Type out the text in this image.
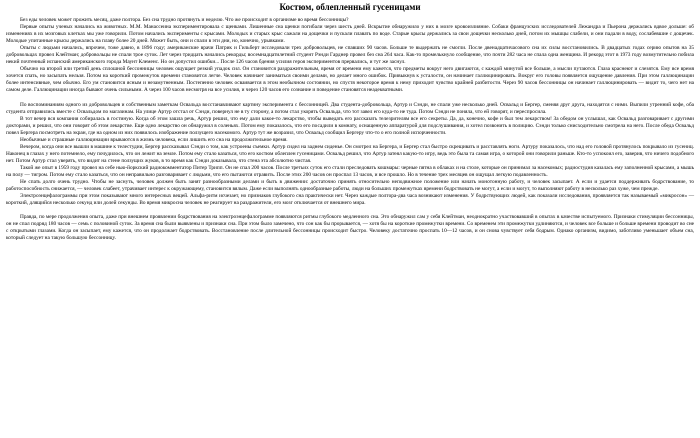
Костюм, облепленный гусеницами

Без еды человек может прожить месяц, даже полтора. Без сна трудно протянуть и неделю. Что же происходит в организме во время бессонницы?

Первые опыты ученых начались на животных. М.М. Манассеина экспериментировала с щенками. Лишенные сна щенки погибали через шесть дней. Вскрытие обнаружило у них в мозге кровоизлияние. Собаки французских исследователей Лежандра и Пьерона держались вдвое дольше: об изменениях в их мозговых клетках мы уже говорили. Потом начались эксперименты с крысами. Молодых и старых крыс сажали на дощечки и пускали плавать по воде. Старые крысы держались за свои дощечки несколько дней, потом их мышцы слабели, и они падали в воду, сослабевшие с дощечек. Молодые упитанные крысы держались на плаву более 20 дней. Может быть, они и спали в эти дни, но, конечно, урывками.

Опыты с людьми начались, впрочем, тоже давно, в 1896 году; американские врачи Патрик и Гильберт исследовали трех добровольцев, не спавших 90 часов. Больше те выдержать не смогли. После двенадцатичасового сна их силы восстановились. В двадцатых годах серию опытов на 35 добровольцах провел Клейтман; добровольцы не спали трое суток. Лет через тридцать начались рекорды; восемнадцатилетний студент Рэнди Гарднер провел без сна 264 часа. Как-то промелькнуло сообщение, что почти 282 часа не спала одна женщина. И рекорд этот в 1973 году возмутительно побила некий почтенный испанский американского города Маунт Клеменс. Но он допустил ошибки... После 126 часов бдения усилия героя экспериментов прервались, и тут же заснул.

Обычно на второй или третий день сплошной бессонницы человек ощущает резкий упадок сил. Он становится раздражительным, время от времени ему кажется, что предметы вокруг него двигаются, с каждой минутой все больше, а мысли путаются. Глаза краснеют и слезятся. Ему все время хочется спать, но засыпать нельзя. Потом на короткий промежуток времени становится легче. Человек начинает заниматься своими делами, но делает много ошибок. Привыкнув к усталости, он начинает галлюцинировать. Вокруг его головы появляется ощущение давления. При этом галлюцинации более интенсивные, чем обычно. Его ум становится ясным и незамутненным. Постепенно человек осваивается в этом необычном состоянии, но спустя некоторое время к нему приходит чувство крайней разбитости. Через 90 часов бессонницы он начинает галлюцинировать — видит то, чего нет на самом деле. Галлюцинации иногда бывают очень сильными. А через 100 часов несмотря на все усилия, и через 120 часов его сознание и поведение становятся неадекватными.

По воспоминаниям одного из добровольцев и собственным заметкам Освальда восстанавливают картину эксперимента с бессонницей. Два студента-добровольца, Артур и Сэнди, не спали уже несколько дней. Освальд и Бергер, сменяя друг друга, находятся с ними. Выпили утренний кофе, оба студента отправились вместе с Освальдом по магазинам. На улице Артур отстал от Сэнди, повернул не в ту сторону, а потом стал укорять Освальда, что тот завел его куда-то не туда. Потом Сэнди не поняла, что ей говорят, и переспросила.

В тот вечер вся компания собиралась в гостиную. Когда об этом зашла речь, Артур решил, что ему дали какое-то лекарство, чтобы выведать его рассказать телезрителям все его секреты. Да, да, конечно, кофе и был тем лекарством! За обедом он услышал, как Освальд разговаривает с другими докторами, и решил, что они говорят об этом лекарстве. Еще одно лекарство он обнаружил в соленьях. Потом ему показалось, что его посадили в комнату, оснащенную аппаратурой для подслушивания, и хотел позвонить в полицию. Сэнди только снисходительно смотрела на него. После обеда Освальд повел Бергера посмотреть на экран, где на одном из них появилось изображение ползущего насекомого. Артур тут же возразил, что Освальд сообщил Бергеру что-то о его полной испорченности.

Необычные и страшные галлюцинации врываются в жизнь человека, если лишить его сна на продолжительное время.

Вечером, когда они все вышли в машине к телестудии, Бергер рассказывал Сэнди о том, как устроены съемки. Артур сидел на заднем сиденье. Он смотрел на Бергера, и Бергер стал быстро скрещивать и расставлять ноги. Артуру показалось, что над его головой протянулось покрывало из гусениц. Наконец в глазах у него потемнело, ему почудилось, что он лежит на земле. Потом ему стало казаться, что его костюм облеплен гусеницами. Освальд решил, что Артур затеял какую-то игру, ведь это была та самая игра, о которой они говорили раньше. Кто-то успокоил его, заверив, что ничего подобного нет. Потом Артур стал уверять, что видит на стене ползущих жуков, в то время как Сэнди доказывала, что стена эта абсолютно чистая.

Такой же опыт в 1959 году провел на себе нью-йоркский радиокомментатор Питер Трипп. Он не спал 200 часов. После третьих суток его стали преследовать кошмары: черные пятна в облаках и на столе, которые он принимал за насекомых; радиостудия казалась ему заполненной крысами, а мышь на полу — тигром. Потом ему стало казаться, что он неправильно разговаривает с людьми, что его пытаются отравить. После этих 200 часов он проспал 13 часов, и все прошло. Но в течение трех месяцев он ощущал легкую подавленность.

Не спать долго очень трудно. Чтобы не заснуть, человек должен быть занят разнообразными делами и быть в движении: достаточно принять относительно неподвижное положение или начать монотонную работу, и человек засыпает. А если и удается поддерживать бодрствование, то работоспособность снижается, — человек слабеет, утрачивает интерес к окружающему, становится вялым. Даже если выполнять однообразные работы, люди на больших промежутках времени бодрствовать не могут, а если и могут, то выполняют работу в несколько раз хуже, чем прежде.

Электроэнцефалограммы при этом показывают много интересных вещей. Альфа-ритм исчезает, но признаков глубокого сна практически нет. Через каждые полтора-два часа возникают изменения. У бодрствующих людей, как показали исследования, проявляется так называемый «микросон» — короткий, длящийся несколько секунд или долей секунды. Во время микросна человек не реагирует на раздражители, его мозг отключается от внешнего мира.

Правда, по мере продолжения опыта, даже при внешнем проявлении бодрствования на электроэнцефалограмме появляются ритмы глубокого медленного сна. Это обнаружил сам у себя Клейтман, неоднократно участвовавший в опытах в качестве испытуемого. Признаки стимуляции бессонницы, он не спал подряд 180 часов — семь с половиной суток. За время сна были выявлены и признаки сна. При этом было замечено, что сон как бы прорывается, — хотя бы на короткие промежутки времени. Со временем эти промежутки удлиняются, и человек все больше и больше времени проводит во сне с открытыми глазами. Когда он засыпает, ему кажется, что он продолжает бодрствовать. Восстановление после длительной бессонницы происходит быстро. Человеку достаточно проспать 10—12 часов, и он снова чувствует себя бодрым. Однако организм, видимо, заботливо уменьшает объем сна, который следует на такую большую бессонницу.
